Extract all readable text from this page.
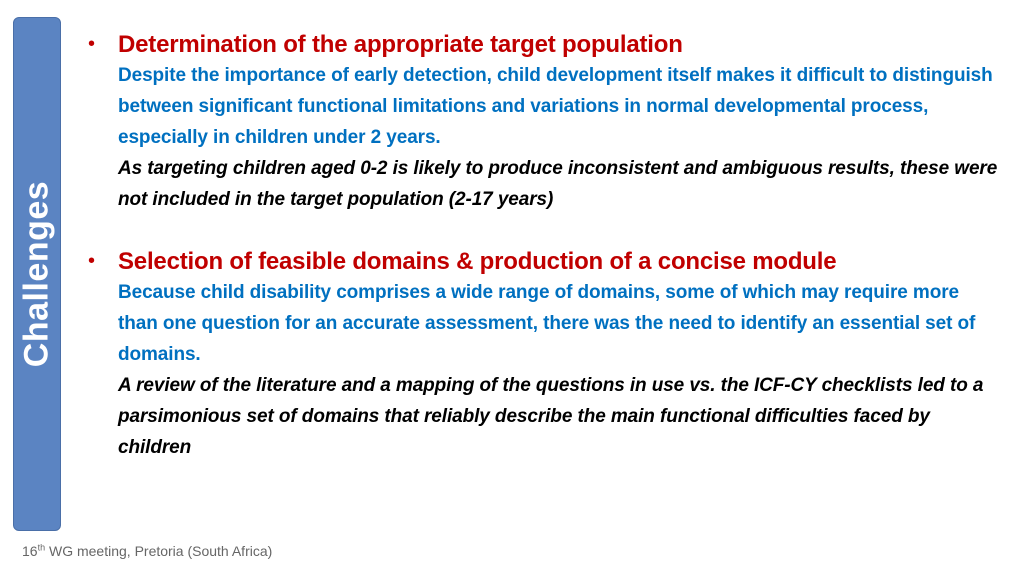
Challenges
• Determination of the appropriate target population
Despite the importance of early detection, child development itself makes it difficult to distinguish between significant functional limitations and variations in normal developmental process, especially in children under 2 years.
As targeting children aged 0-2 is likely to produce inconsistent and ambiguous results, these were not included in the target population (2-17 years)
• Selection of feasible domains & production of a concise module
Because child disability comprises a wide range of domains, some of which may require more than one question for an accurate assessment, there was the need to identify an essential set of domains.
A review of the literature and a mapping of the questions in use vs. the ICF-CY checklists led to a parsimonious set of domains that reliably describe the main functional difficulties faced by children
16th WG meeting, Pretoria (South Africa)
